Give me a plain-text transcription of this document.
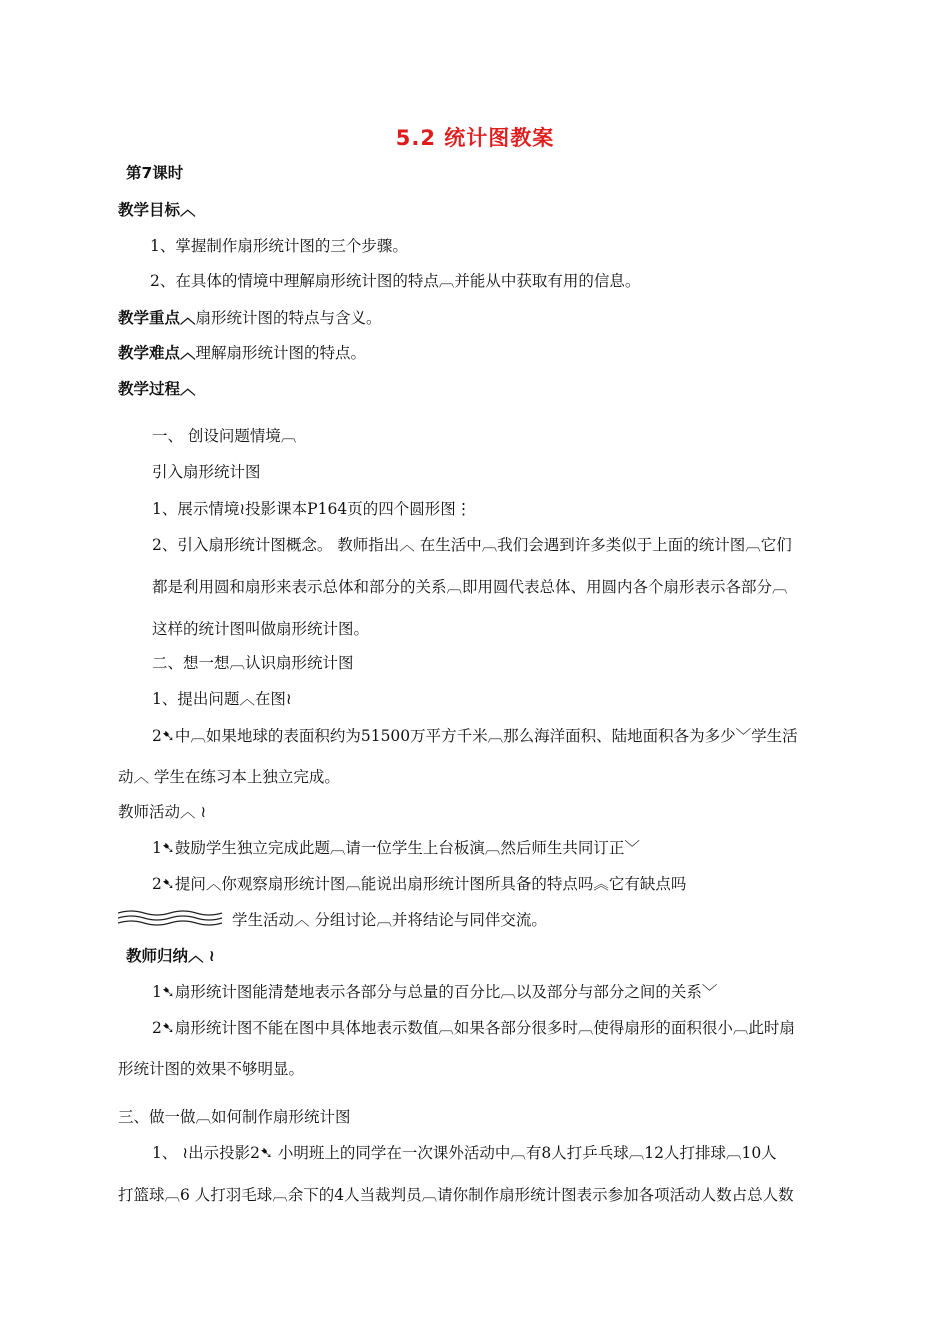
5.2 统计图教案
第7课时
教学目标︿
1、掌握制作扇形统计图的三个步骤。
2、在具体的情境中理解扇形统计图的特点︹并能从中获取有用的信息。
教学重点︿扇形统计图的特点与含义。
教学难点︿理解扇形统计图的特点。
教学过程︿
一、 创设问题情境︹
引入扇形统计图
1、展示情境≀投影课本P164页的四个圆形图⋮
2、引入扇形统计图概念。 教师指出︿ 在生活中︹我们会遇到许多类似于上面的统计图︹它们
都是利用圆和扇形来表示总体和部分的关系︹即用圆代表总体、用圆内各个扇形表示各部分︹
这样的统计图叫做扇形统计图。
二、想一想︹认识扇形统计图
1、提出问题︿在图≀
2➷中︹如果地球的表面积约为51500万平方千米︹那么海洋面积、陆地面积各为多少﹀学生活
动︿ 学生在练习本上独立完成。
教师活动︿ ≀
1➷鼓励学生独立完成此题︹请一位学生上台板演︹然后师生共同订正﹀
2➷提问︿你观察扇形统计图︹能说出扇形统计图所具备的特点吗︽它有缺点吗
学生活动︿ 分组讨论︹并将结论与同伴交流。
教师归纳︿ ≀
1➷扇形统计图能清楚地表示各部分与总量的百分比︹以及部分与部分之间的关系﹀
2➷扇形统计图不能在图中具体地表示数值︹如果各部分很多时︹使得扇形的面积很小︹此时扇
形统计图的效果不够明显。
三、做一做︹如何制作扇形统计图
1、 ≀出示投影2➷ 小明班上的同学在一次课外活动中︹有8人打乒乓球︹12人打排球︹10人
打篮球︹6 人打羽毛球︹余下的4人当裁判员︹请你制作扇形统计图表示参加各项活动人数占总人数
